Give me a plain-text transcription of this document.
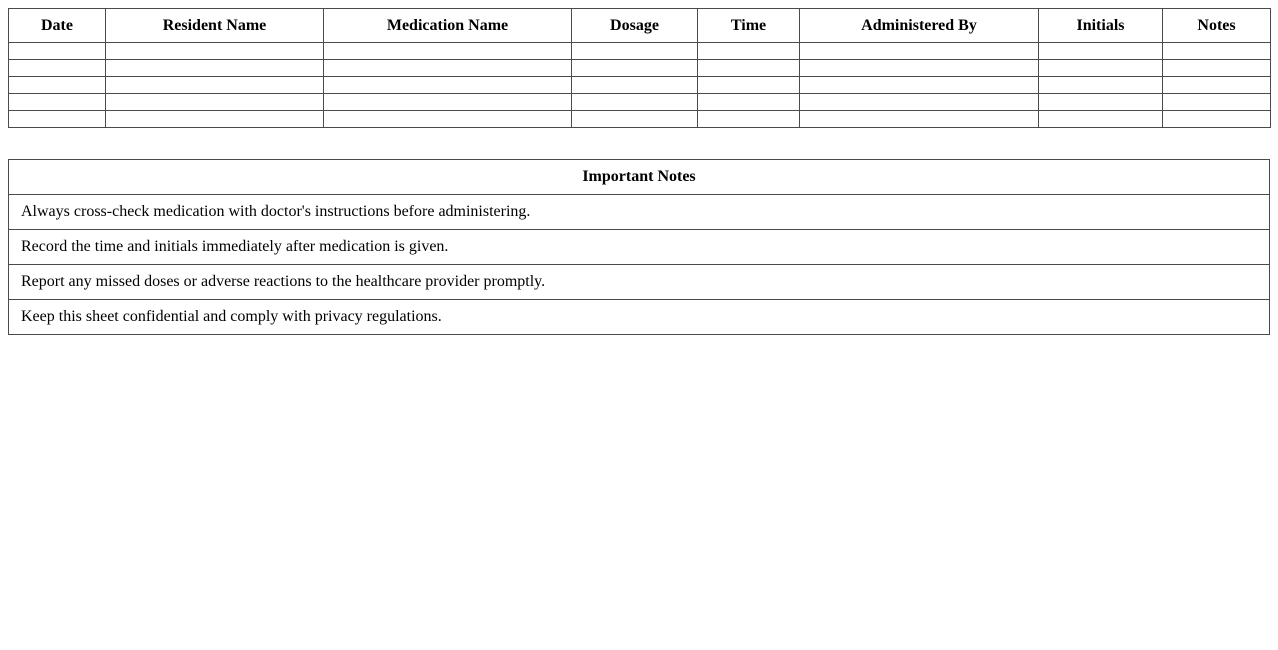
Date	Resident Name	Medication Name	Dosage	Time	Administered By	Initials	Notes

Important Notes
Always cross-check medication with doctor's instructions before administering.
Record the time and initials immediately after medication is given.
Report any missed doses or adverse reactions to the healthcare provider promptly.
Keep this sheet confidential and comply with privacy regulations.
